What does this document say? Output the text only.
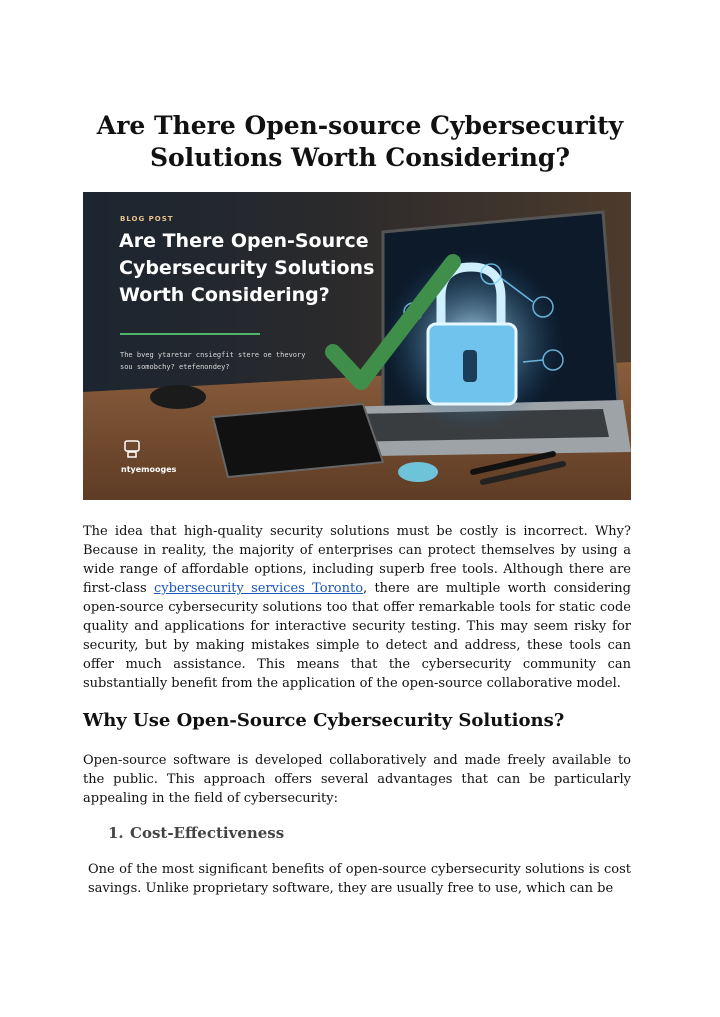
Are There Open-source Cybersecurity Solutions Worth Considering?
BLOG POST
Are There Open-Source Cybersecurity Solutions Worth Considering?
The bveg ytaretar cnsiegfit stere oe thevory sou somobchy? etefenondey?
ntyemooges

The idea that high-quality security solutions must be costly is incorrect. Why? Because in reality, the majority of enterprises can protect themselves by using a wide range of affordable options, including superb free tools. Although there are first-class cybersecurity services Toronto, there are multiple worth considering open-source cybersecurity solutions too that offer remarkable tools for static code quality and applications for interactive security testing. This may seem risky for security, but by making mistakes simple to detect and address, these tools can offer much assistance. This means that the cybersecurity community can substantially benefit from the application of the open-source collaborative model.

Why Use Open-Source Cybersecurity Solutions?

Open-source software is developed collaboratively and made freely available to the public. This approach offers several advantages that can be particularly appealing in the field of cybersecurity:

1. Cost-Effectiveness

One of the most significant benefits of open-source cybersecurity solutions is cost savings. Unlike proprietary software, they are usually free to use, which can be
